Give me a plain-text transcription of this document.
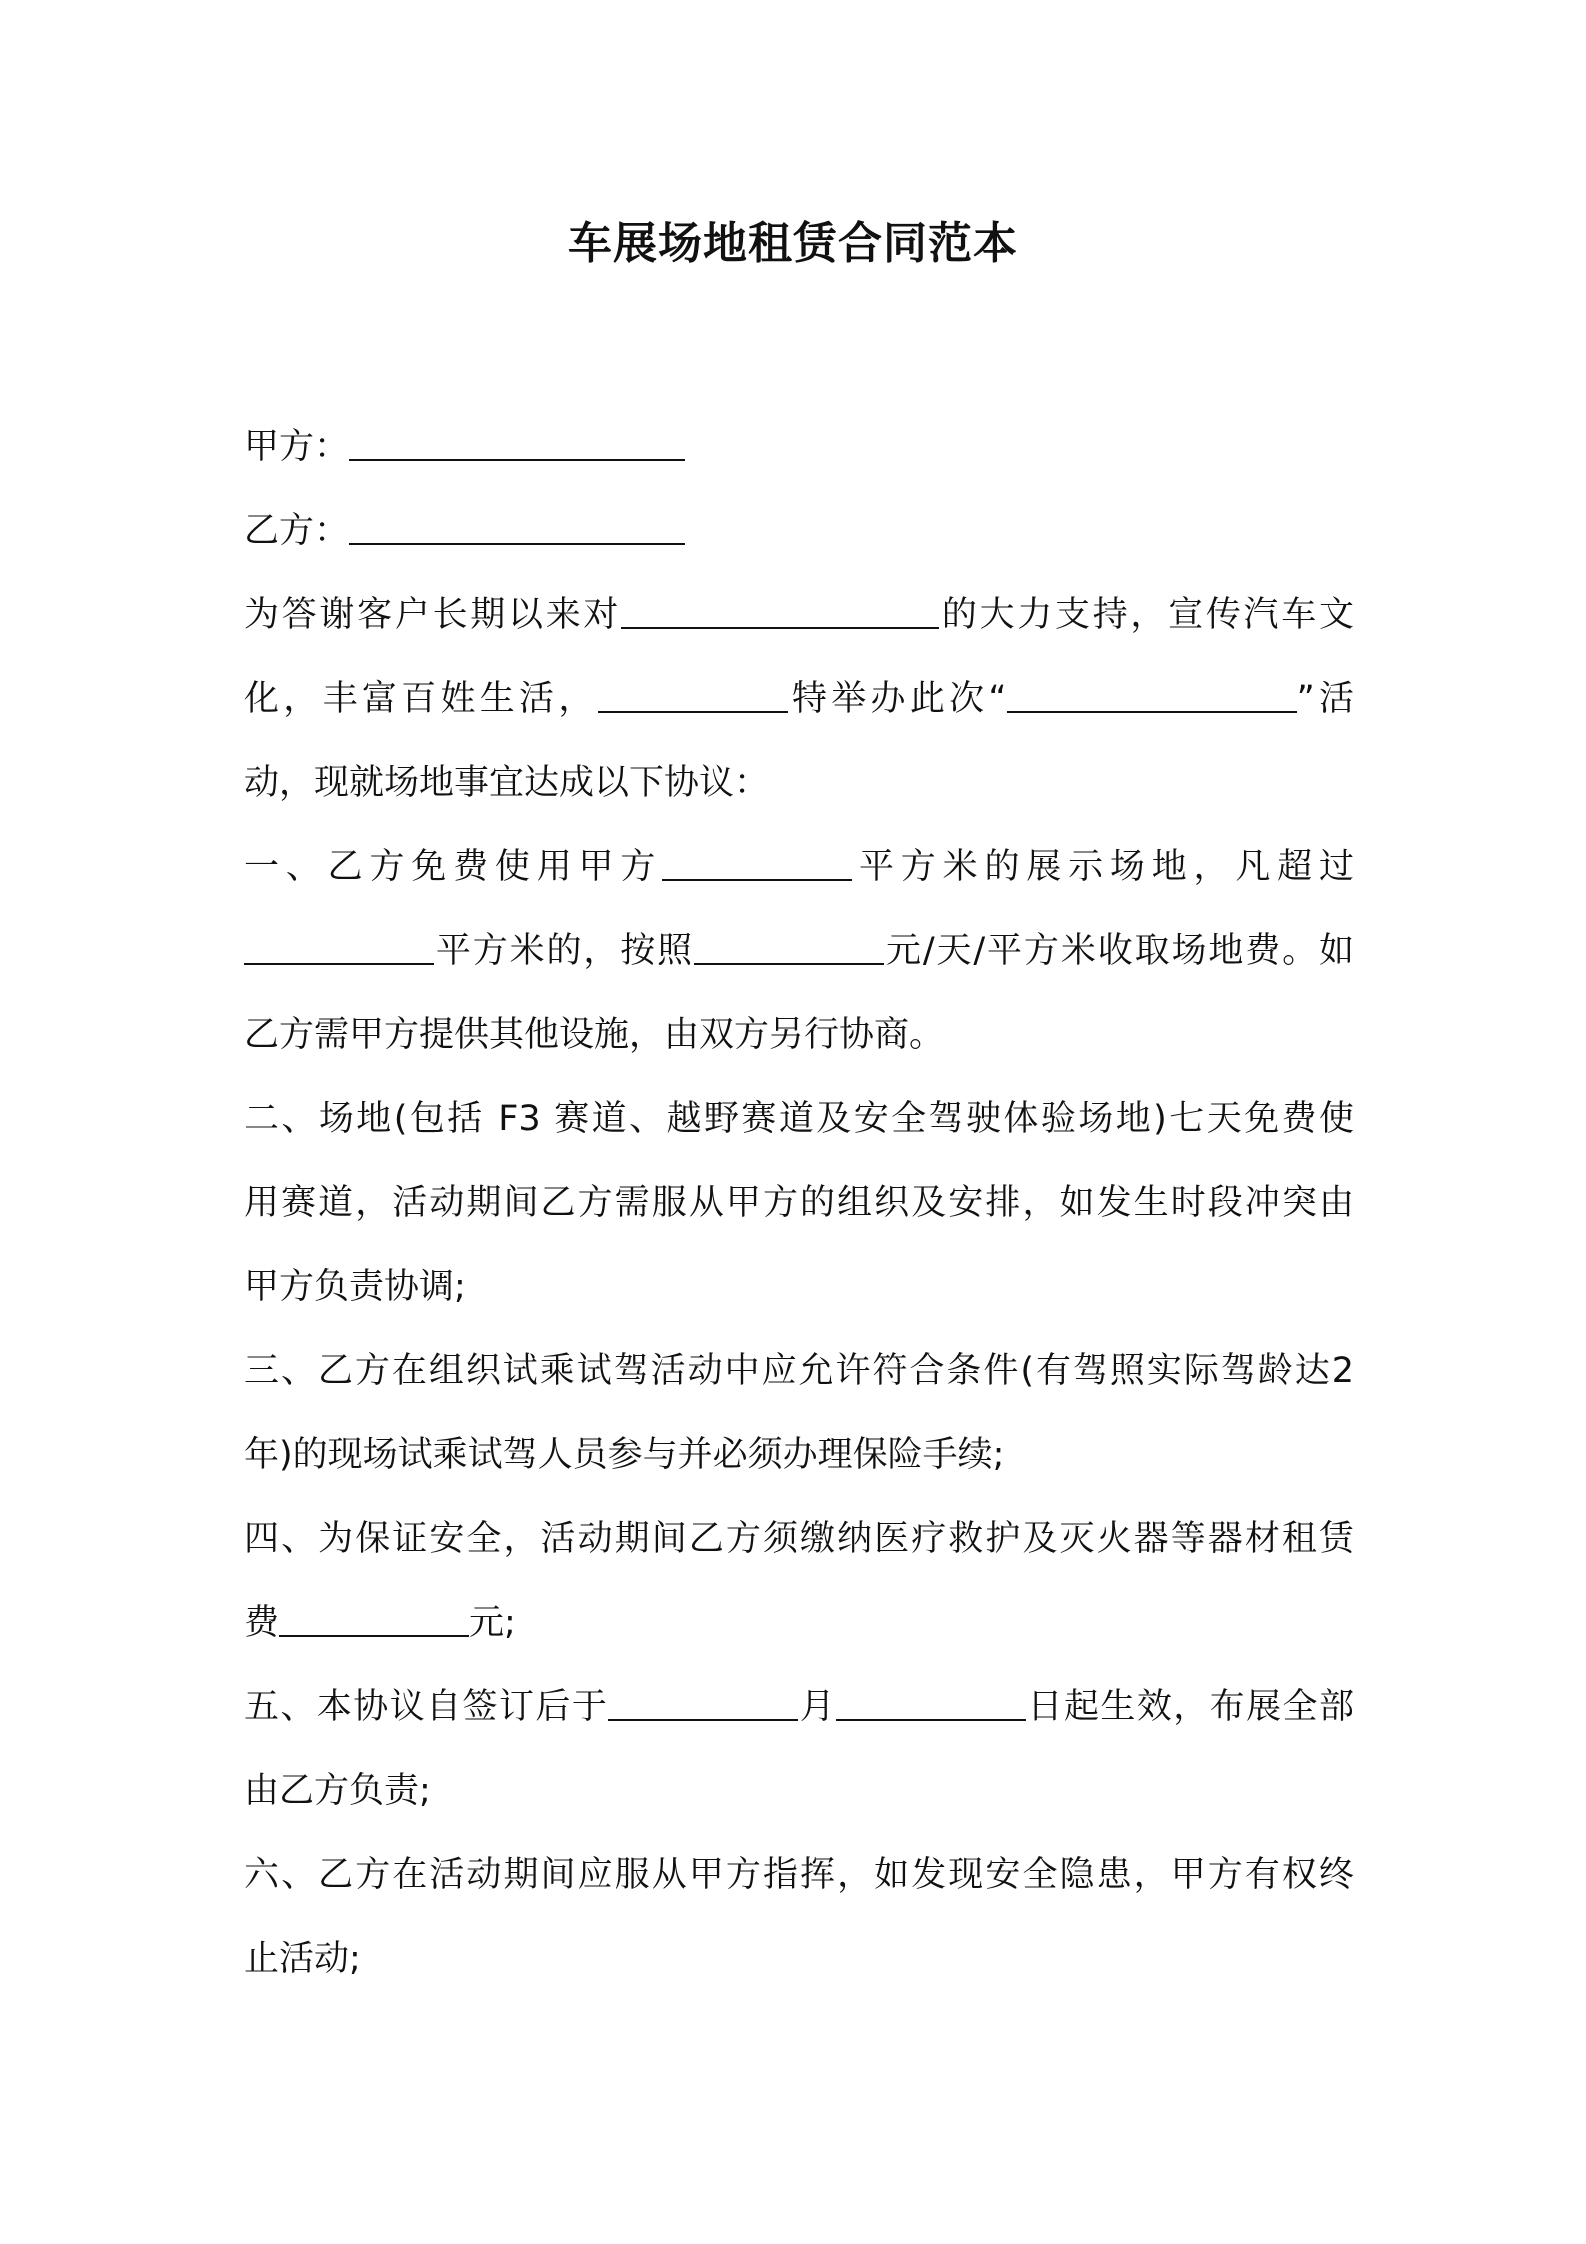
车展场地租赁合同范本
甲方：
乙方：
为答谢客户长期以来对	的大力支持，宣传汽车文
化，丰富百姓生活，	特举办此次“	”活
动，现就场地事宜达成以下协议：
一、乙方免费使用甲方	平方米的展示场地，凡超过
平方米的，按照	元/天/平方米收取场地费。如
乙方需甲方提供其他设施，由双方另行协商。
二、场地(包括 F3 赛道、越野赛道及安全驾驶体验场地)七天免费使
用赛道，活动期间乙方需服从甲方的组织及安排，如发生时段冲突由
甲方负责协调;
三、乙方在组织试乘试驾活动中应允许符合条件(有驾照实际驾龄达2
年)的现场试乘试驾人员参与并必须办理保险手续;
四、为保证安全，活动期间乙方须缴纳医疗救护及灭火器等器材租赁
费	元;
五、本协议自签订后于	月	日起生效，布展全部
由乙方负责;
六、乙方在活动期间应服从甲方指挥，如发现安全隐患，甲方有权终
止活动;
